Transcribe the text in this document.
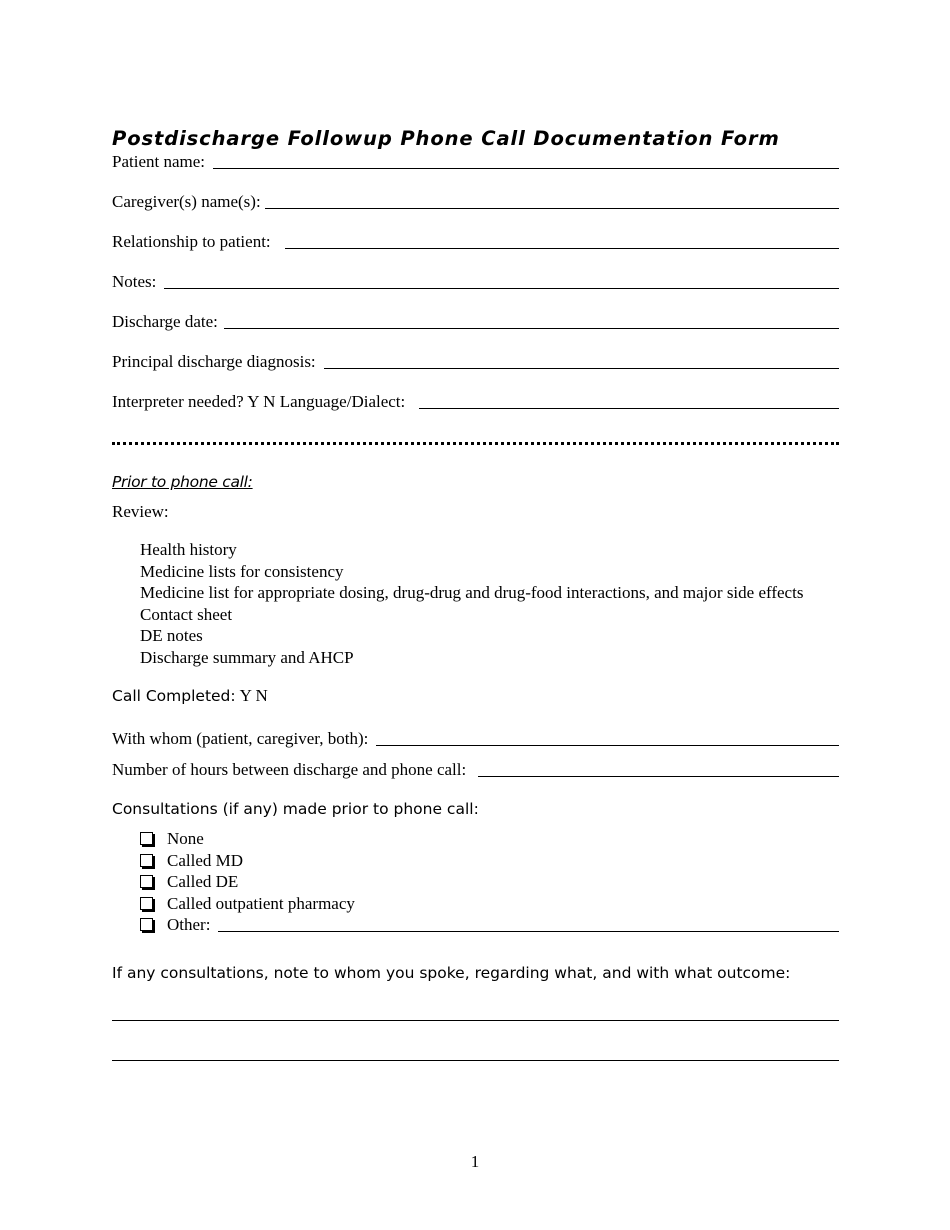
Postdischarge Followup Phone Call Documentation Form
Patient name:
Caregiver(s) name(s):
Relationship to patient:
Notes:
Discharge date:
Principal discharge diagnosis:
Interpreter needed? Y N Language/Dialect:
Prior to phone call:
Review:
Health history
Medicine lists for consistency
Medicine list for appropriate dosing, drug-drug and drug-food interactions, and major side effects
Contact sheet
DE notes
Discharge summary and AHCP
Call Completed: Y N
With whom (patient, caregiver, both):
Number of hours between discharge and phone call:
Consultations (if any) made prior to phone call:
None
Called MD
Called DE
Called outpatient pharmacy
Other:
If any consultations, note to whom you spoke, regarding what, and with what outcome:
1
